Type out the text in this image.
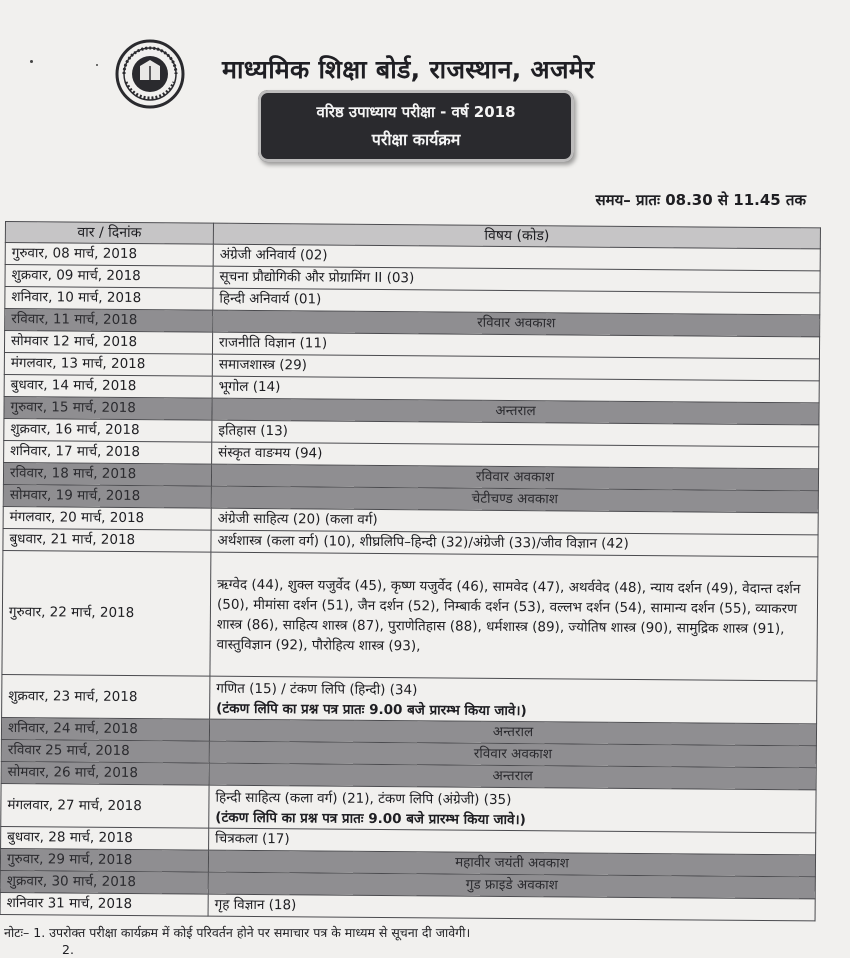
माध्यमिक शिक्षा बोर्ड, राजस्थान, अजमेर
वरिष्ठ उपाध्याय परीक्षा - वर्ष 2018
परीक्षा कार्यक्रम
समय– प्रातः 08.30 से 11.45 तक
वार / दिनांक	विषय (कोड)
गुरुवार, 08 मार्च, 2018	अंग्रेजी अनिवार्य (02)
शुक्रवार, 09 मार्च, 2018	सूचना प्रौद्योगिकी और प्रोग्रामिंग II (03)
शनिवार, 10 मार्च, 2018	हिन्दी अनिवार्य (01)
रविवार, 11 मार्च, 2018	रविवार अवकाश
सोमवार 12 मार्च, 2018	राजनीति विज्ञान (11)
मंगलवार, 13 मार्च, 2018	समाजशास्त्र (29)
बुधवार, 14 मार्च, 2018	भूगोल (14)
गुरुवार, 15 मार्च, 2018	अन्तराल
शुक्रवार, 16 मार्च, 2018	इतिहास (13)
शनिवार, 17 मार्च, 2018	संस्कृत वाङमय (94)
रविवार, 18 मार्च, 2018	रविवार अवकाश
सोमवार, 19 मार्च, 2018	चेटीचण्ड अवकाश
मंगलवार, 20 मार्च, 2018	अंग्रेजी साहित्य (20) (कला वर्ग)
बुधवार, 21 मार्च, 2018	अर्थशास्त्र (कला वर्ग) (10), शीघ्रलिपि–हिन्दी (32)/अंग्रेजी (33)/जीव विज्ञान (42)
गुरुवार, 22 मार्च, 2018	ऋग्वेद (44), शुक्ल यजुर्वेद (45), कृष्ण यजुर्वेद (46), सामवेद (47), अथर्ववेद (48), न्याय दर्शन (49), वेदान्त दर्शन (50), मीमांसा दर्शन (51), जैन दर्शन (52), निम्बार्क दर्शन (53), वल्लभ दर्शन (54), सामान्य दर्शन (55), व्याकरण शास्त्र (86), साहित्य शास्त्र (87), पुराणेतिहास (88), धर्मशास्त्र (89), ज्योतिष शास्त्र (90), सामुद्रिक शास्त्र (91), वास्तुविज्ञान (92), पौरोहित्य शास्त्र (93),
शुक्रवार, 23 मार्च, 2018	गणित (15) / टंकण लिपि (हिन्दी) (34)
(टंकण लिपि का प्रश्न पत्र प्रातः 9.00 बजे प्रारम्भ किया जावे।)

शनिवार, 24 मार्च, 2018	अन्तराल
रविवार 25 मार्च, 2018	रविवार अवकाश
सोमवार, 26 मार्च, 2018	अन्तराल
मंगलवार, 27 मार्च, 2018	हिन्दी साहित्य (कला वर्ग) (21), टंकण लिपि (अंग्रेजी) (35)
(टंकण लिपि का प्रश्न पत्र प्रातः 9.00 बजे प्रारम्भ किया जावे।)

बुधवार, 28 मार्च, 2018	चित्रकला (17)
गुरुवार, 29 मार्च, 2018	महावीर जयंती अवकाश
शुक्रवार, 30 मार्च, 2018	गुड फ्राइडे अवकाश
शनिवार 31 मार्च, 2018	गृह विज्ञान (18)
नोटः– 1. उपरोक्त परीक्षा कार्यक्रम में कोई परिवर्तन होने पर समाचार पत्र के माध्यम से सूचना दी जावेगी।
2.
